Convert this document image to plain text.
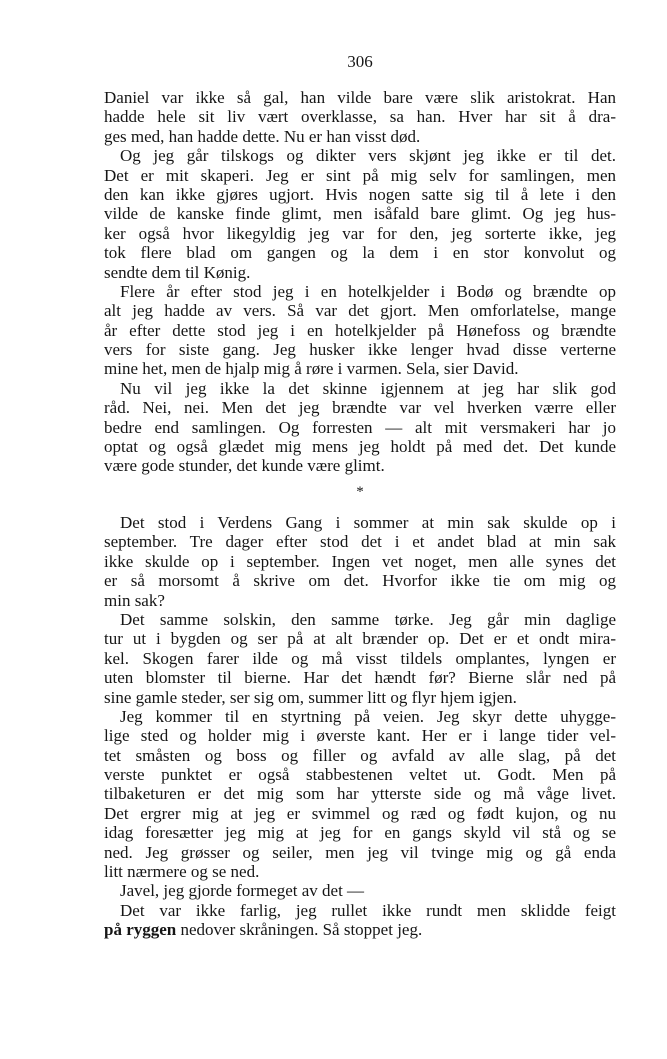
306
Daniel var ikke så gal, han vilde bare være slik aristokrat. Han
hadde hele sit liv vært overklasse, sa han. Hver har sit å dra-
ges med, han hadde dette. Nu er han visst død.
Og jeg går tilskogs og dikter vers skjønt jeg ikke er til det.
Det er mit skaperi. Jeg er sint på mig selv for samlingen, men
den kan ikke gjøres ugjort. Hvis nogen satte sig til å lete i den
vilde de kanske finde glimt, men isåfald bare glimt. Og jeg hus-
ker også hvor likegyldig jeg var for den, jeg sorterte ikke, jeg
tok flere blad om gangen og la dem i en stor konvolut og
sendte dem til Kønig.
Flere år efter stod jeg i en hotelkjelder i Bodø og brændte op
alt jeg hadde av vers. Så var det gjort. Men omforlatelse, mange
år efter dette stod jeg i en hotelkjelder på Hønefoss og brændte
vers for siste gang. Jeg husker ikke lenger hvad disse verterne
mine het, men de hjalp mig å røre i varmen. Sela, sier David.
Nu vil jeg ikke la det skinne igjennem at jeg har slik god
råd. Nei, nei. Men det jeg brændte var vel hverken værre eller
bedre end samlingen. Og forresten — alt mit versmakeri har jo
optat og også glædet mig mens jeg holdt på med det. Det kunde
være gode stunder, det kunde være glimt.
*
Det stod i Verdens Gang i sommer at min sak skulde op i
september. Tre dager efter stod det i et andet blad at min sak
ikke skulde op i september. Ingen vet noget, men alle synes det
er så morsomt å skrive om det. Hvorfor ikke tie om mig og
min sak?
Det samme solskin, den samme tørke. Jeg går min daglige
tur ut i bygden og ser på at alt brænder op. Det er et ondt mira-
kel. Skogen farer ilde og må visst tildels omplantes, lyngen er
uten blomster til bierne. Har det hændt før? Bierne slår ned på
sine gamle steder, ser sig om, summer litt og flyr hjem igjen.
Jeg kommer til en styrtning på veien. Jeg skyr dette uhygge-
lige sted og holder mig i øverste kant. Her er i lange tider vel-
tet småsten og boss og filler og avfald av alle slag, på det
verste punktet er også stabbestenen veltet ut. Godt. Men på
tilbaketuren er det mig som har ytterste side og må våge livet.
Det ergrer mig at jeg er svimmel og ræd og født kujon, og nu
idag foresætter jeg mig at jeg for en gangs skyld vil stå og se
ned. Jeg grøsser og seiler, men jeg vil tvinge mig og gå enda
litt nærmere og se ned.
Javel, jeg gjorde formeget av det —
Det var ikke farlig, jeg rullet ikke rundt men sklidde feigt
på ryggen nedover skråningen. Så stoppet jeg.
